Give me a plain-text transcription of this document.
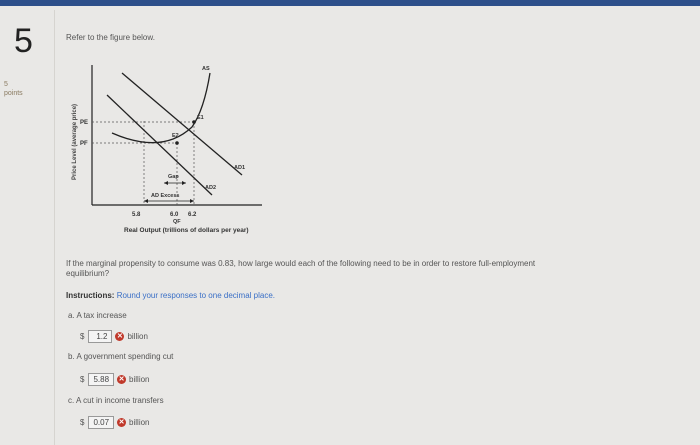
5
5
points
Refer to the figure below.
Price Level (average price) PE
PF
AS
AD1
AD2
E1
E2
Gap
AD Excess
5.8	6.0 6.2
QF
Real Output (trillions of dollars per year)
If the marginal propensity to consume was 0.83, how large would each of the following need to be in order to restore full-employment
equilibrium?
Instructions: Round your responses to one decimal place.
a. A tax increase
$	1.2	✕ billion
b. A government spending cut
$	5.88	✕ billion
c. A cut in income transfers
$	0.07	✕ billion
